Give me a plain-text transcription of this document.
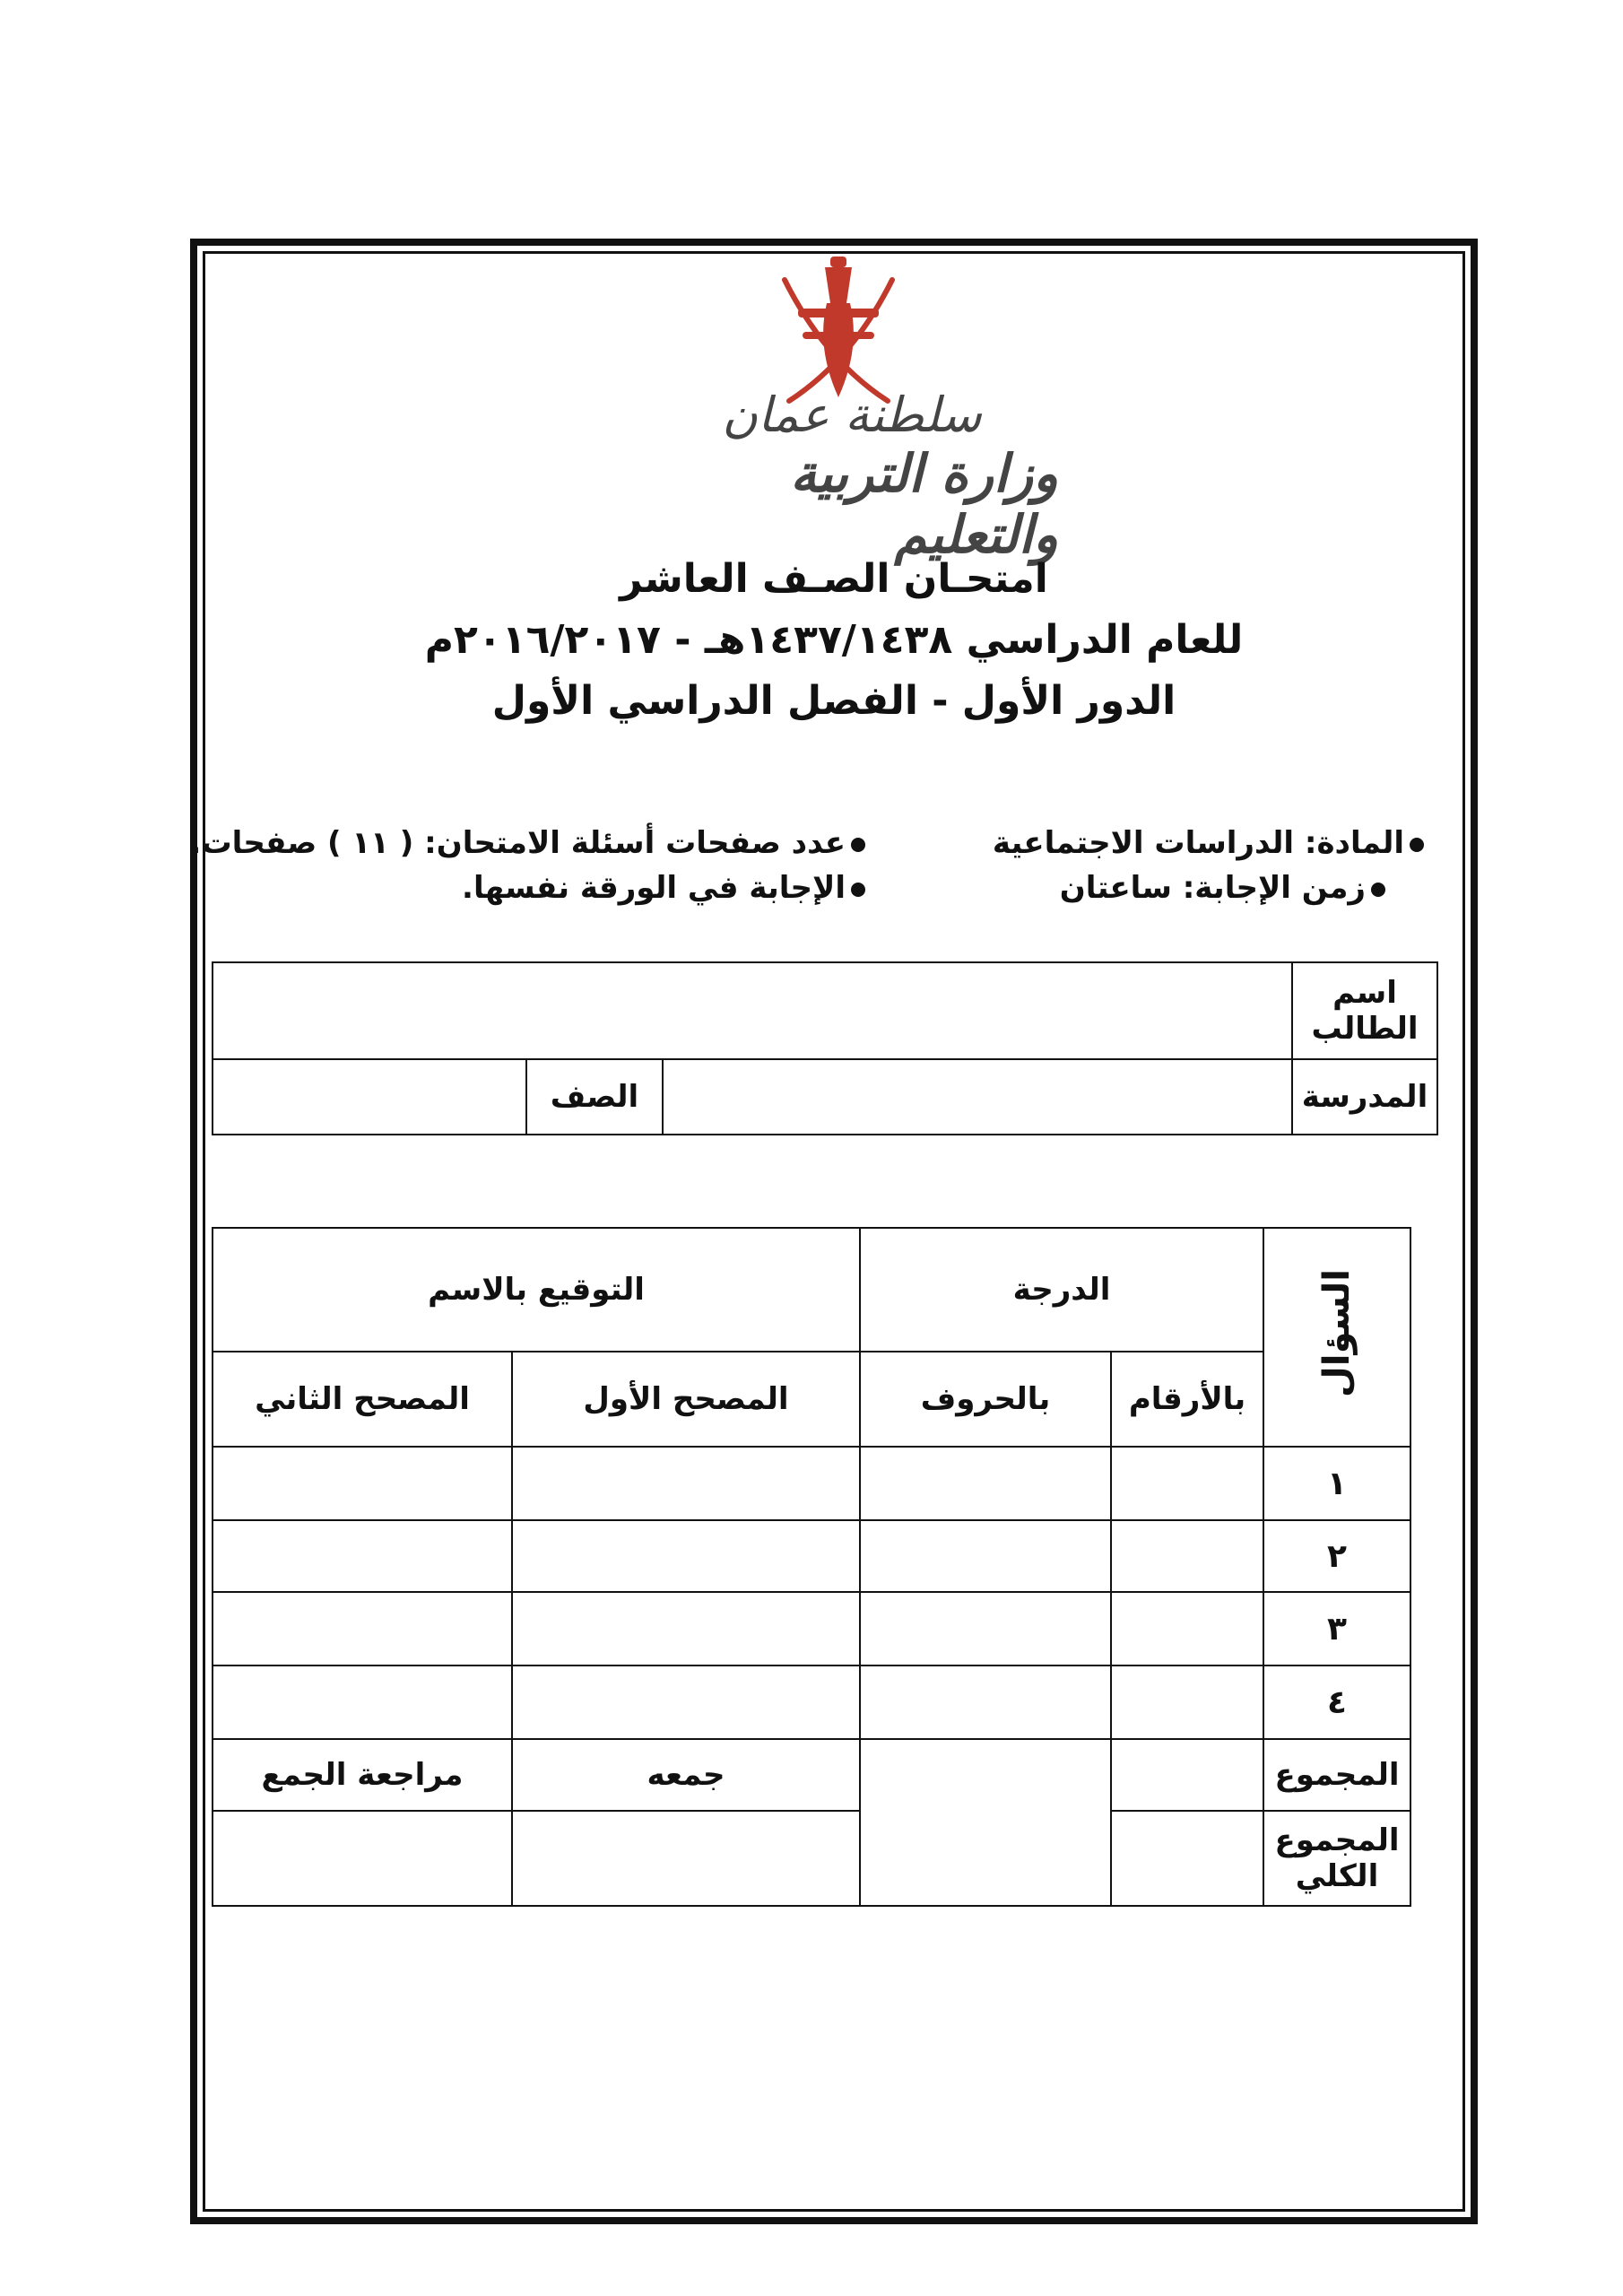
سلطنة عمان
وزارة التربية والتعليم
امتحـان الصـف العاشر
للعام الدراسي ١٤٣٧/١٤٣٨هـ - ٢٠١٦/٢٠١٧م
الدور الأول - الفصل الدراسي الأول
المادة: الدراسات الاجتماعية
عدد صفحات أسئلة الامتحان: ( ١١ ) صفحات.
زمن الإجابة: ساعتان
الإجابة في الورقة نفسها.
اسم الطالب			
المدرسة		الصف	
السؤال	الدرجة		التوقيع بالاسم	
	بالأرقام	بالحروف	المصحح الأول	المصحح الثاني
١				
٢				
٣				
٤				
المجموع			جمعه	مراجعة الجمع
المجموع الكلي				
